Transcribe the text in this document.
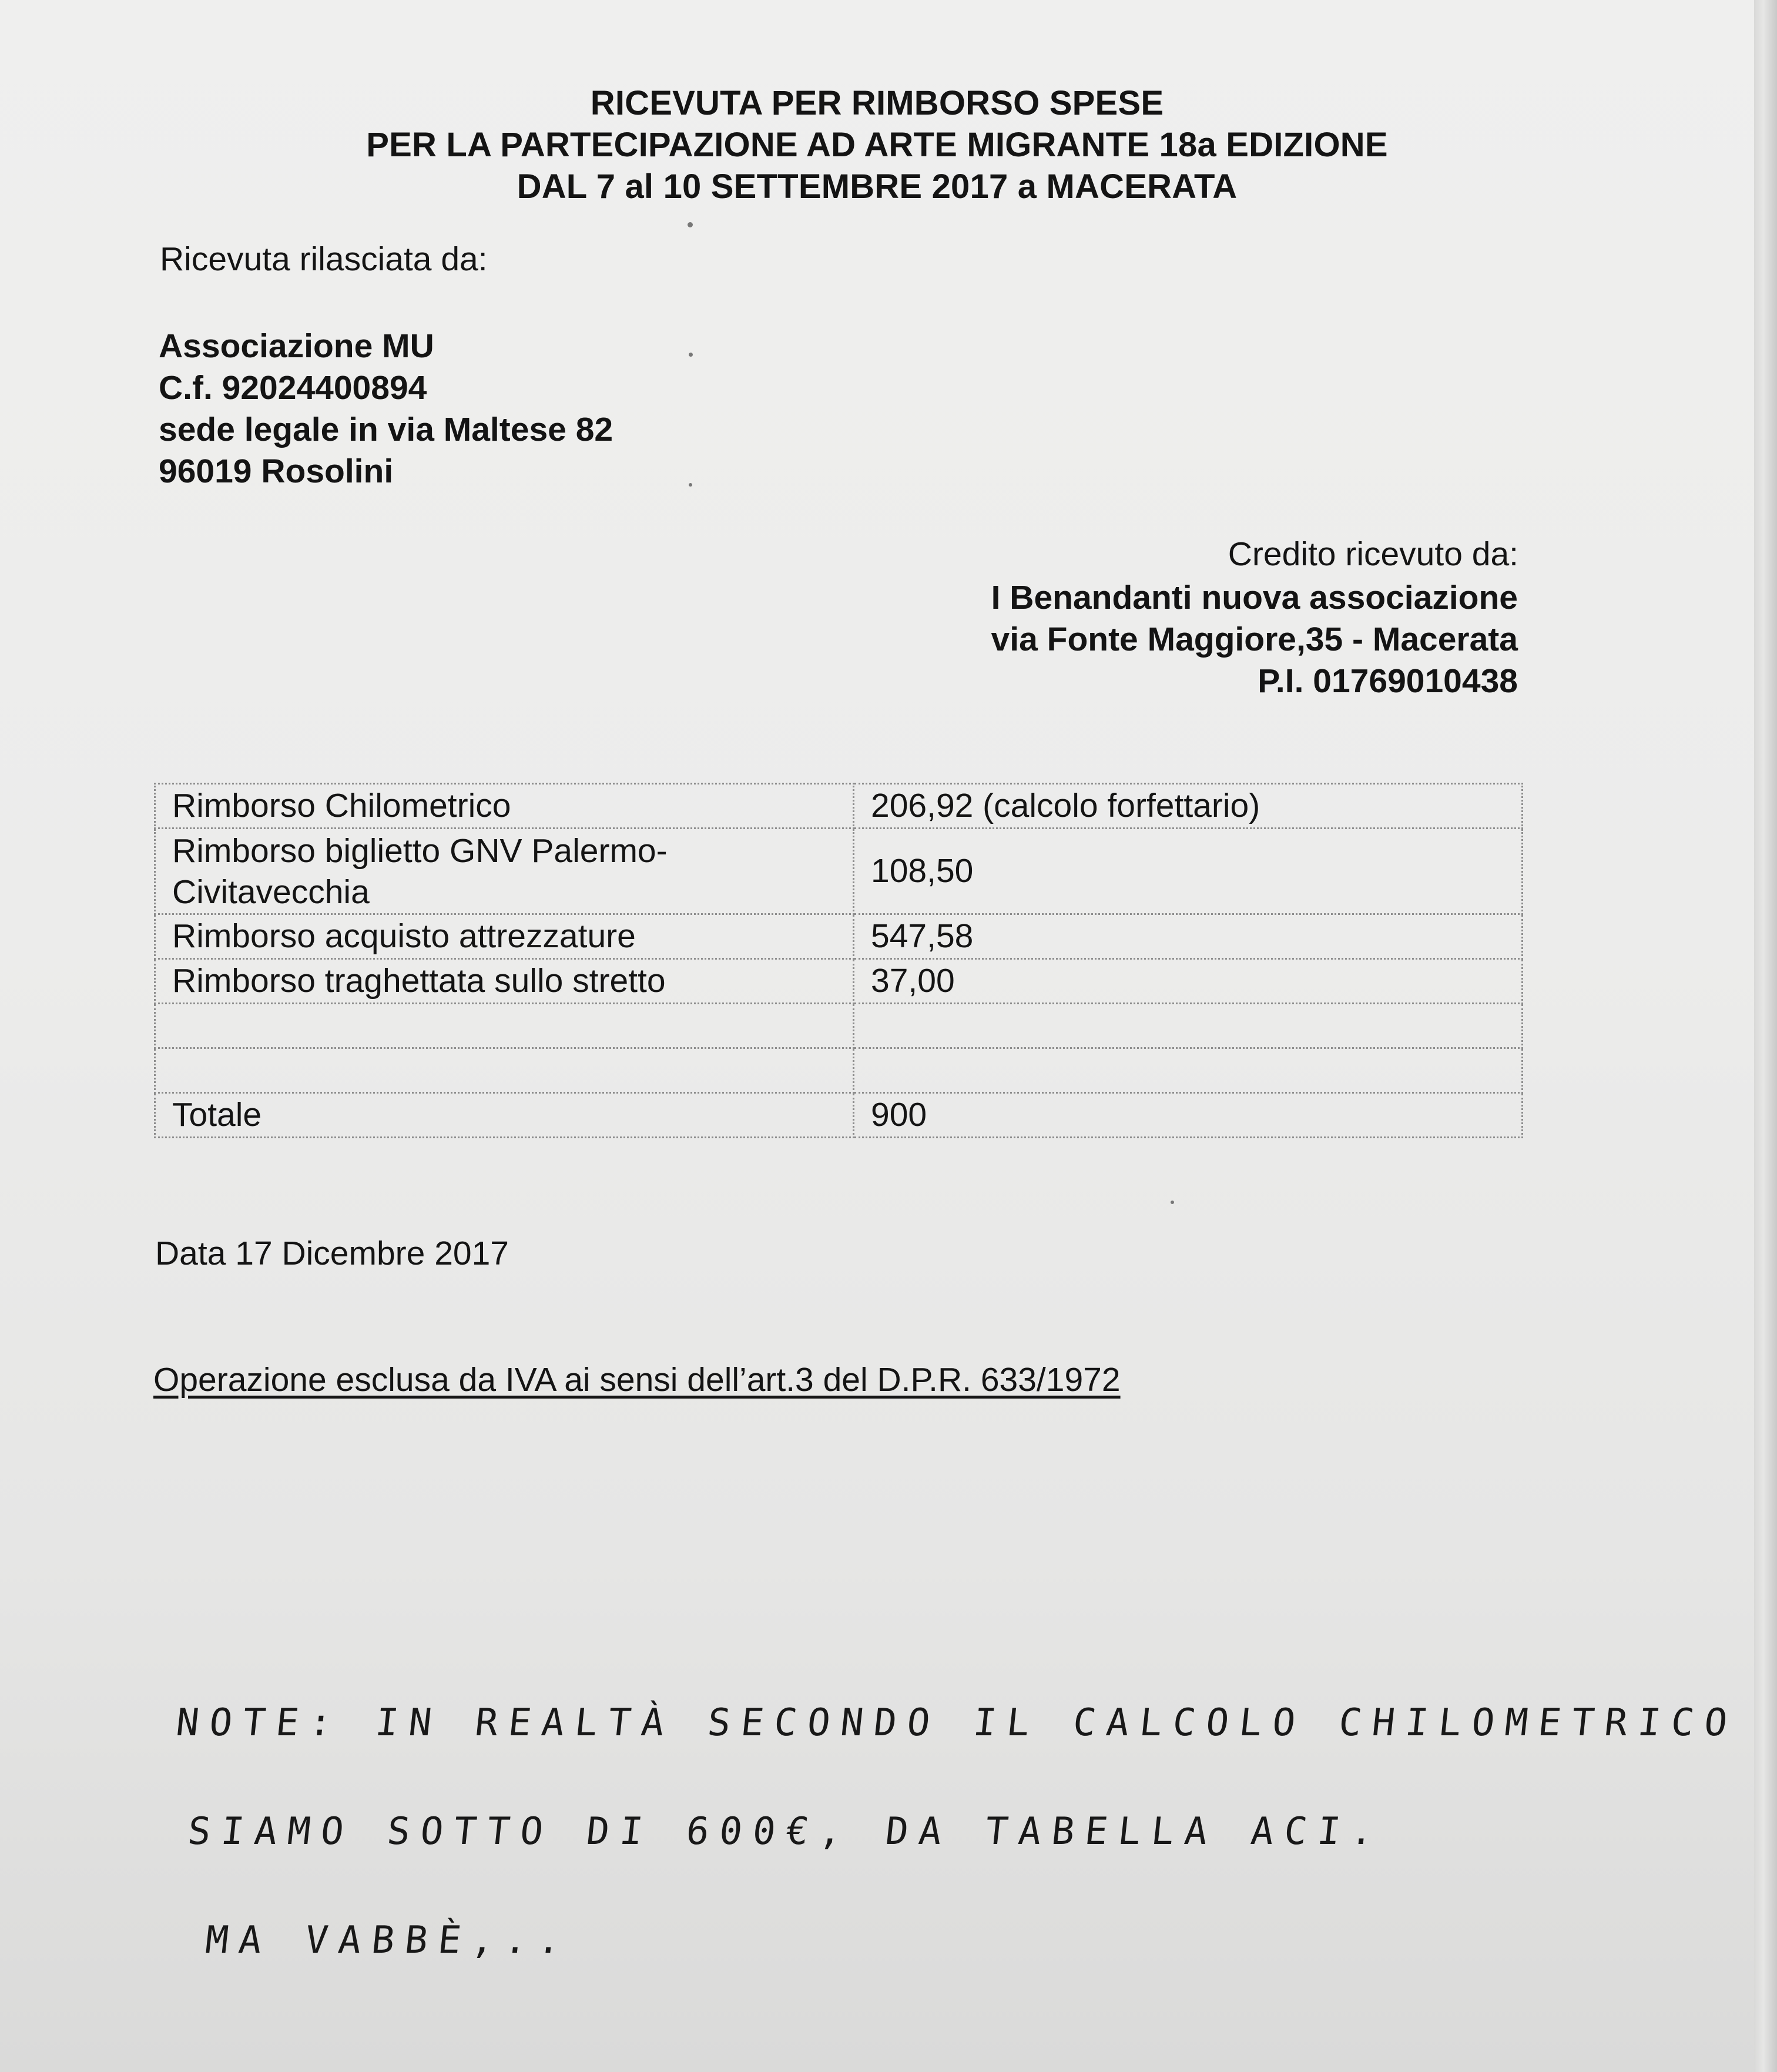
RICEVUTA PER RIMBORSO SPESE
PER LA PARTECIPAZIONE AD ARTE MIGRANTE 18a EDIZIONE
DAL 7 al 10 SETTEMBRE 2017 a MACERATA
Ricevuta rilasciata da:
Associazione MU
C.f. 92024400894
sede legale in via Maltese 82
96019 Rosolini
Credito ricevuto da:
I Benandanti nuova associazione
via Fonte Maggiore,35 - Macerata
P.I. 01769010438
Rimborso Chilometrico	206,92 (calcolo forfettario)
Rimborso biglietto GNV Palermo-Civitavecchia	108,50
Rimborso acquisto attrezzature	547,58
Rimborso traghettata sullo stretto	37,00

Totale	900
Data 17 Dicembre 2017
Operazione esclusa da IVA ai sensi dell’art.3 del D.P.R. 633/1972
NOTE: IN REALTÀ SECONDO IL CALCOLO CHILOMETRICO
SIAMO SOTTO DI 600€, DA TABELLA ACI.
MA VABBÈ,..
